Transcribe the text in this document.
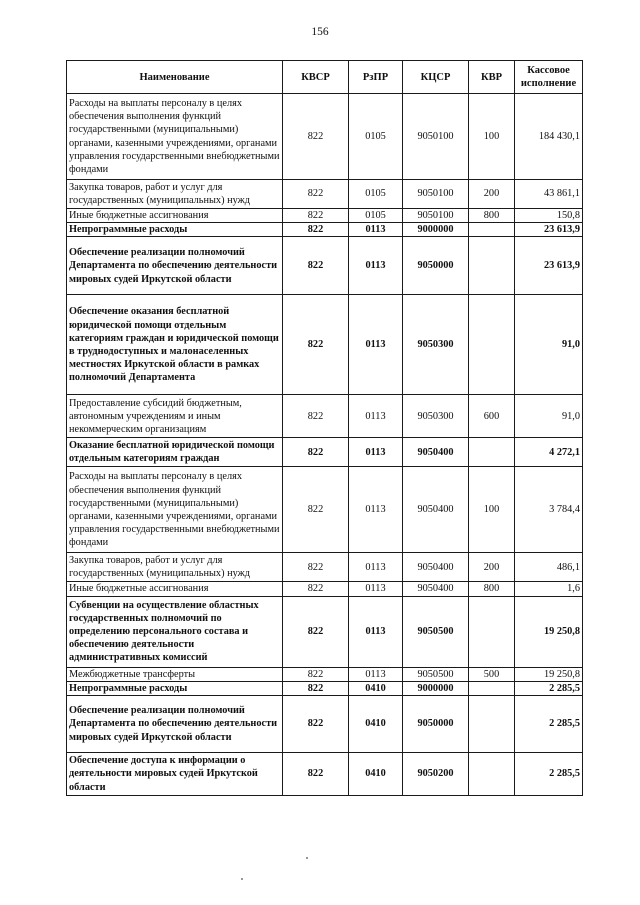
156
Наименование	КВСР	РзПР	КЦСР	КВР	Кассовое исполнение
Расходы на выплаты персоналу в целях обеспечения выполнения функций государственными (муниципальными) органами, казенными учреждениями, органами управления государственными внебюджетными фондами	822	0105	9050100	100	184 430,1
Закупка товаров, работ и услуг для государственных (муниципальных) нужд	822	0105	9050100	200	43 861,1
Иные бюджетные ассигнования	822	0105	9050100	800	150,8
Непрограммные расходы	822	0113	9000000		23 613,9
Обеспечение реализации полномочий Департамента по обеспечению деятельности мировых судей Иркутской области	822	0113	9050000		23 613,9
Обеспечение оказания бесплатной юридической помощи отдельным категориям граждан и юридической помощи в труднодоступных и малонаселенных местностях Иркутской области в рамках полномочий Департамента	822	0113	9050300		91,0
Предоставление субсидий бюджетным, автономным учреждениям и иным некоммерческим организациям	822	0113	9050300	600	91,0
Оказание бесплатной юридической помощи отдельным категориям граждан	822	0113	9050400		4 272,1
Расходы на выплаты персоналу в целях обеспечения выполнения функций государственными (муниципальными) органами, казенными учреждениями, органами управления государственными внебюджетными фондами	822	0113	9050400	100	3 784,4
Закупка товаров, работ и услуг для государственных (муниципальных) нужд	822	0113	9050400	200	486,1
Иные бюджетные ассигнования	822	0113	9050400	800	1,6
Субвенции на осуществление областных государственных полномочий по определению персонального состава и обеспечению деятельности административных комиссий	822	0113	9050500		19 250,8
Межбюджетные трансферты	822	0113	9050500	500	19 250,8
Непрограммные расходы	822	0410	9000000		2 285,5
Обеспечение реализации полномочий Департамента по обеспечению деятельности мировых судей Иркутской области	822	0410	9050000		2 285,5
Обеспечение доступа к информации о деятельности мировых судей Иркутской области	822	0410	9050200		2 285,5
